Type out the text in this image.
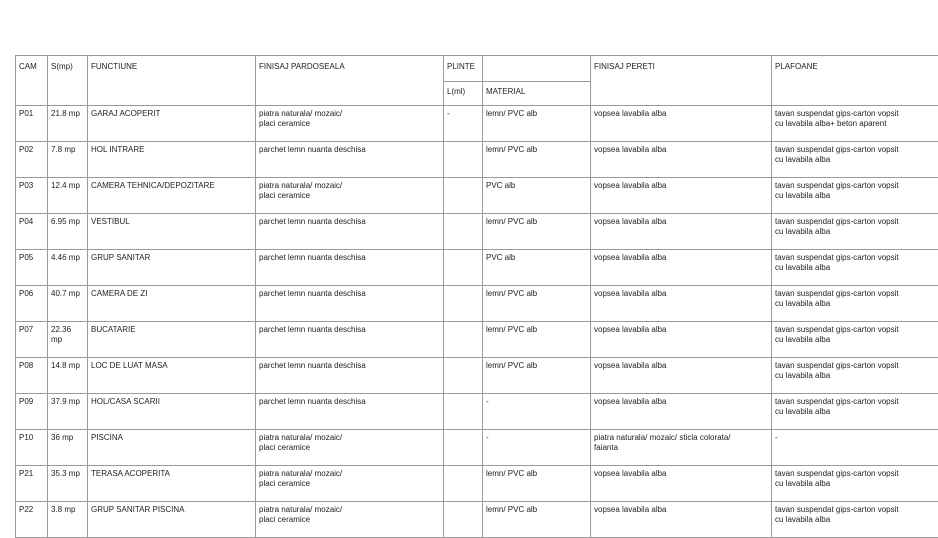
CAM	S(mp)	FUNCTIUNE	FINISAJ PARDOSEALA	PLINTE		FINISAJ PERETI	PLAFOANE
				L(ml)	MATERIAL		
P01	21.8 mp	GARAJ ACOPERIT	piatra naturala/ mozaic/
placi ceramice	-	lemn/ PVC alb	vopsea lavabila alba	tavan suspendat gips-carton vopsit
cu lavabila alba+ beton aparent

P02	7.8 mp	HOL INTRARE	parchet lemn nuanta deschisa		lemn/ PVC alb	vopsea lavabila alba	tavan suspendat gips-carton vopsit
cu lavabila alba

P03	12.4 mp	CAMERA TEHNICA/DEPOZITARE	piatra naturala/ mozaic/
placi ceramice		PVC alb	vopsea lavabila alba	tavan suspendat gips-carton vopsit
cu lavabila alba

P04	6.95 mp	VESTIBUL	parchet lemn nuanta deschisa		lemn/ PVC alb	vopsea lavabila alba	tavan suspendat gips-carton vopsit
cu lavabila alba

P05	4.46 mp	GRUP SANITAR	parchet lemn nuanta deschisa		PVC alb	vopsea lavabila alba	tavan suspendat gips-carton vopsit
cu lavabila alba

P06	40.7 mp	CAMERA DE ZI	parchet lemn nuanta deschisa		lemn/ PVC alb	vopsea lavabila alba	tavan suspendat gips-carton vopsit
cu lavabila alba

P07	22.36 mp	BUCATARIE	parchet lemn nuanta deschisa		lemn/ PVC alb	vopsea lavabila alba	tavan suspendat gips-carton vopsit
cu lavabila alba

P08	14.8 mp	LOC DE LUAT MASA	parchet lemn nuanta deschisa		lemn/ PVC alb	vopsea lavabila alba	tavan suspendat gips-carton vopsit
cu lavabila alba

P09	37.9 mp	HOL/CASA SCARII	parchet lemn nuanta deschisa		-	vopsea lavabila alba	tavan suspendat gips-carton vopsit
cu lavabila alba

P10	36 mp	PISCINA	piatra naturala/ mozaic/
placi ceramice		-	piatra naturala/ mozaic/ sticla colorata/
faianta	-

P21	35.3 mp	TERASA ACOPERITA	piatra naturala/ mozaic/
placi ceramice		lemn/ PVC alb	vopsea lavabila alba	tavan suspendat gips-carton vopsit
cu lavabila alba

P22	3.8 mp	GRUP SANITAR PISCINA	piatra naturala/ mozaic/
placi ceramice		lemn/ PVC alb	vopsea lavabila alba	tavan suspendat gips-carton vopsit
cu lavabila alba
